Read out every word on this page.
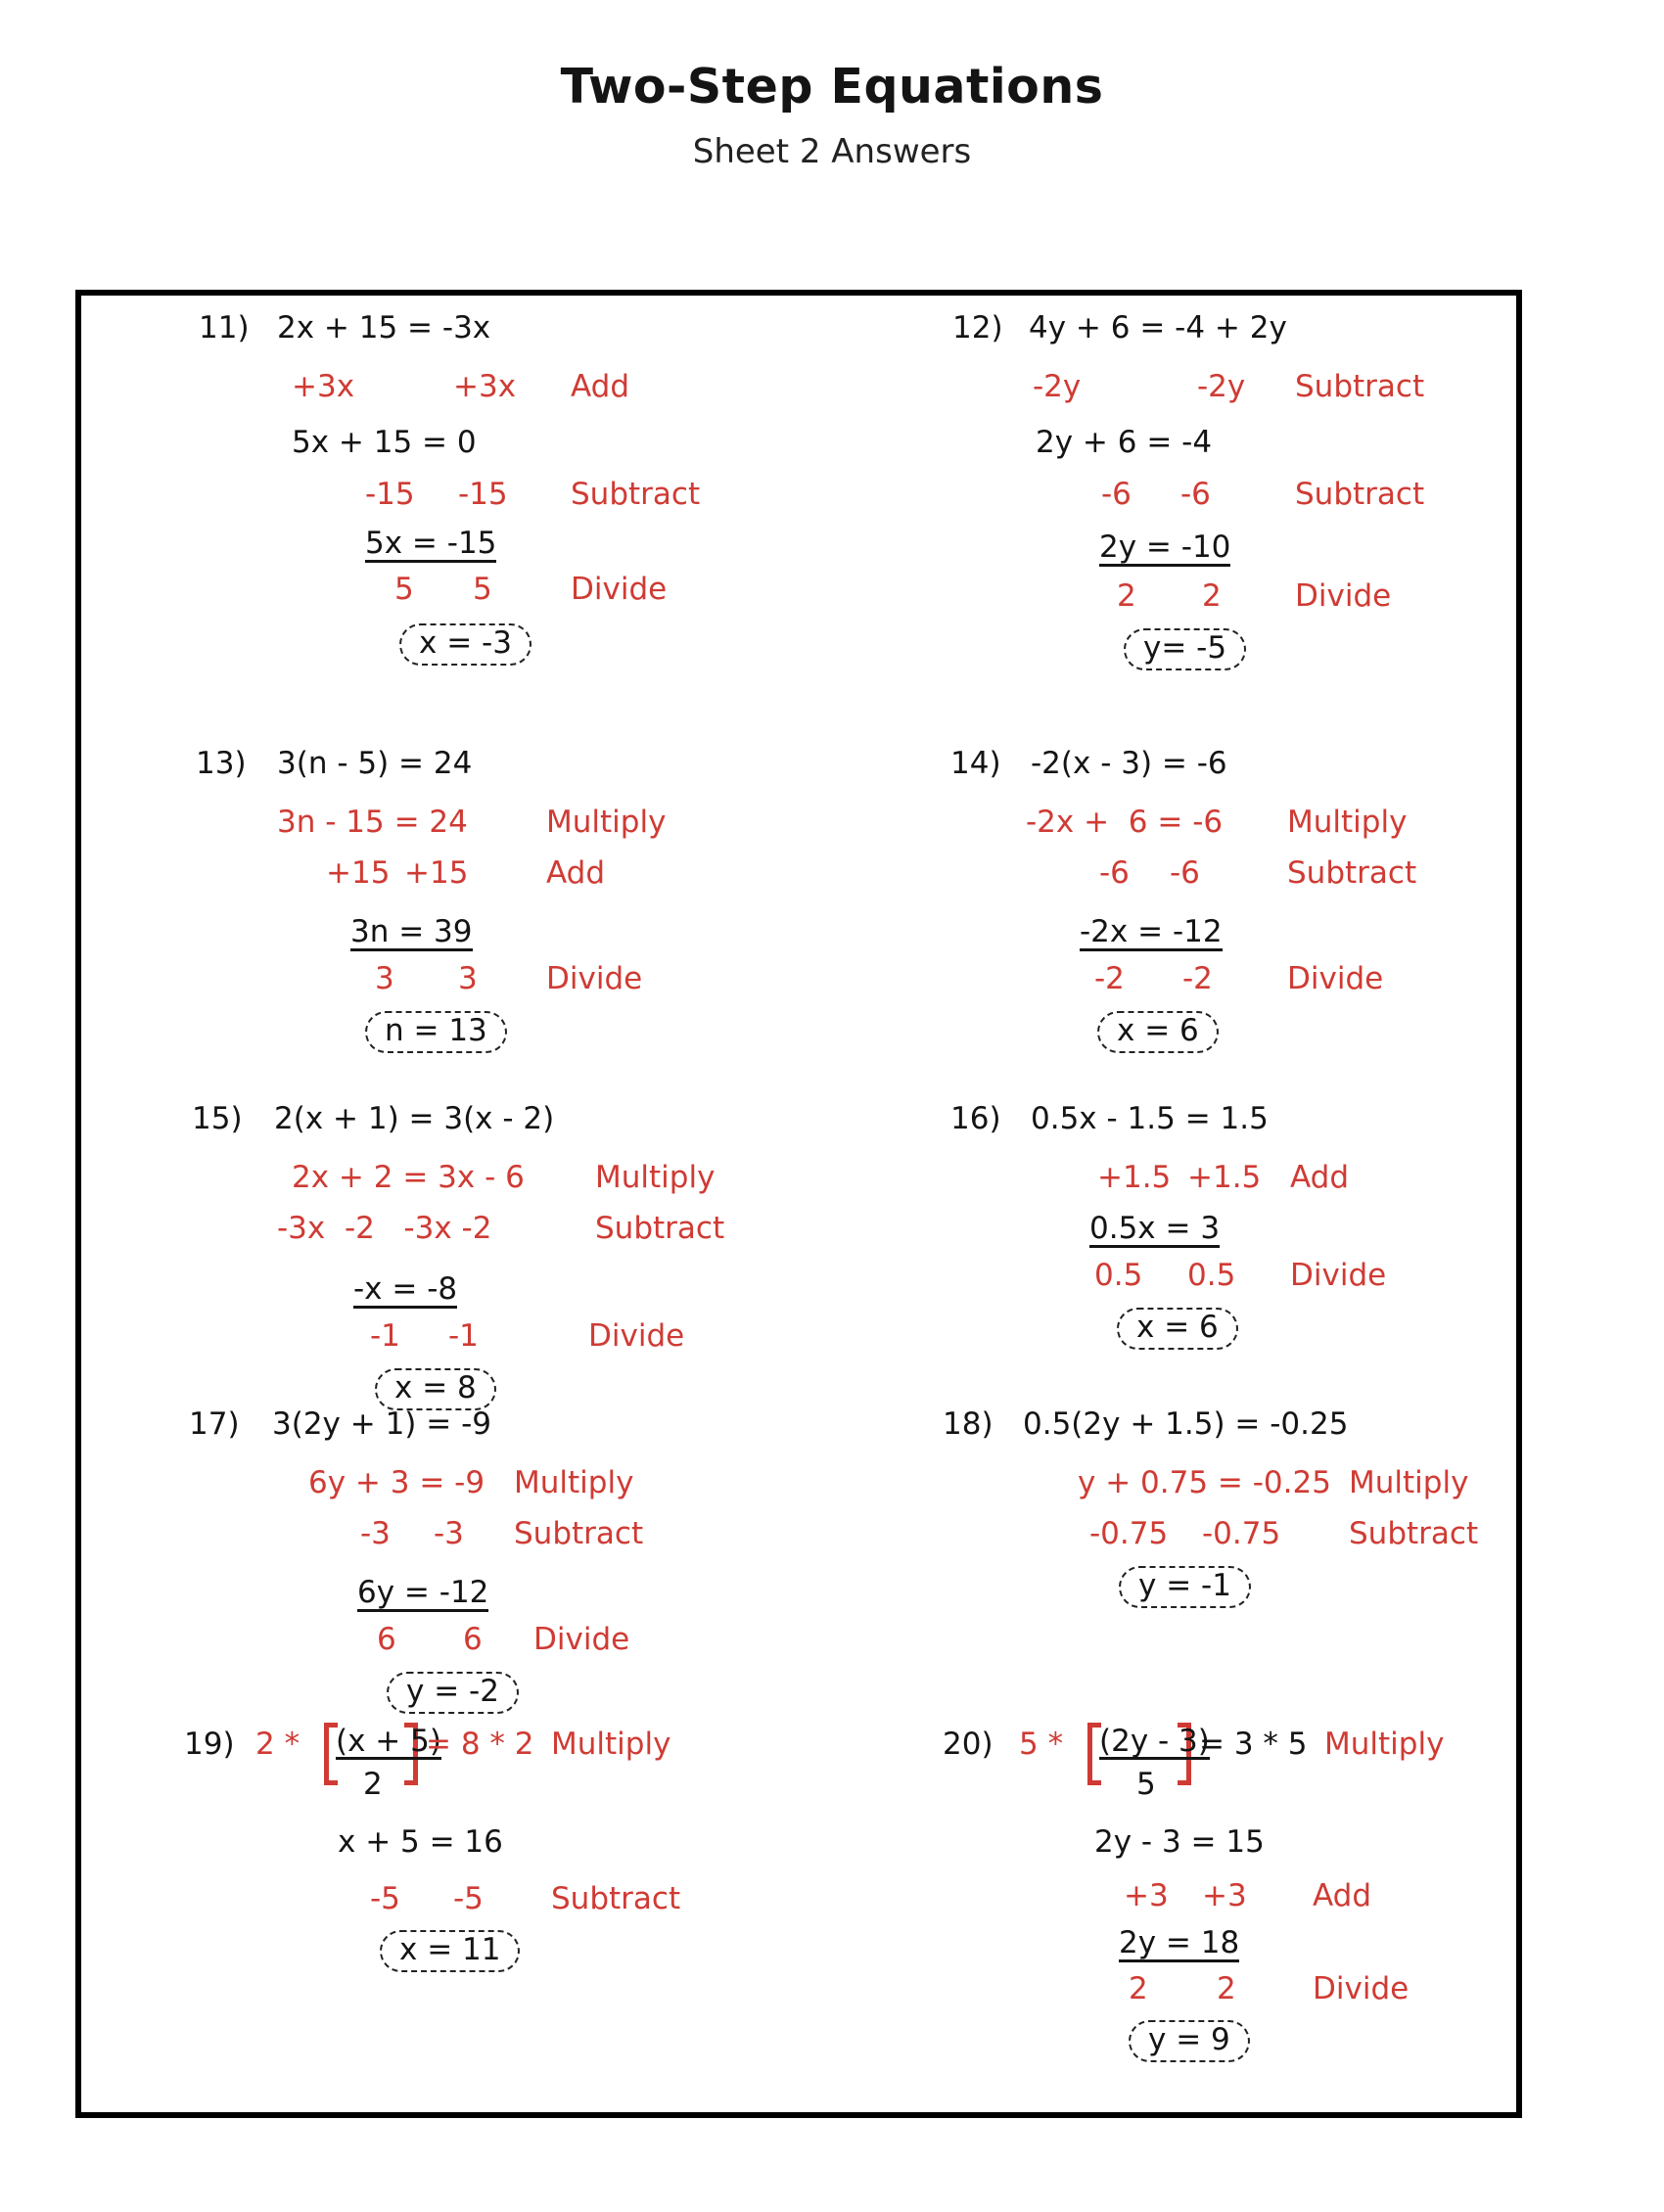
Two-Step Equations
Sheet 2 Answers
11) 2x + 15 = -3x
+3x	+3x Add
5x + 15 = 0
-15 -15 Subtract
5x = -15
5 5	Divide
x = -3
13) 3(n - 5) = 24
3n - 15 = 24	Multiply
+15 +15	Add
3n = 39
3 3 Divide
n = 13
15) 2(x + 1) = 3(x - 2)
2x + 2 = 3x - 6 Multiply
-3x  -2   -3x -2	Subtract
-x = -8
-1 -1	Divide
x = 8
17) 3(2y + 1) = -9
6y + 3 = -9 Multiply
-3 -3 Subtract
6y = -12
6 6 Divide
y = -2
19) 2 * (x + 5)
2
= 8 * 2 Multiply
x + 5 = 16
-5 -5 Subtract
x = 11
12) 4y + 6 = -4 + 2y
-2y	-2y Subtract
2y + 6 = -4
-6 -6	Subtract
2y = -10
2 2 Divide
y= -5
14) -2(x - 3) = -6
-2x +  6 = -6 Multiply
-6 -6	Subtract
-2x = -12
-2 -2 Divide
x = 6
16) 0.5x - 1.5 = 1.5
+1.5 +1.5 Add
0.5x = 3
0.5 0.5 Divide
x = 6
18) 0.5(2y + 1.5) = -0.25
y + 0.75 = -0.25 Multiply
-0.75 -0.75 Subtract
y = -1
20) 5 * (2y - 3)
5
= 3 * 5 Multiply
2y - 3 = 15
+3 +3 Add
2y = 18
2 2	Divide
y = 9
